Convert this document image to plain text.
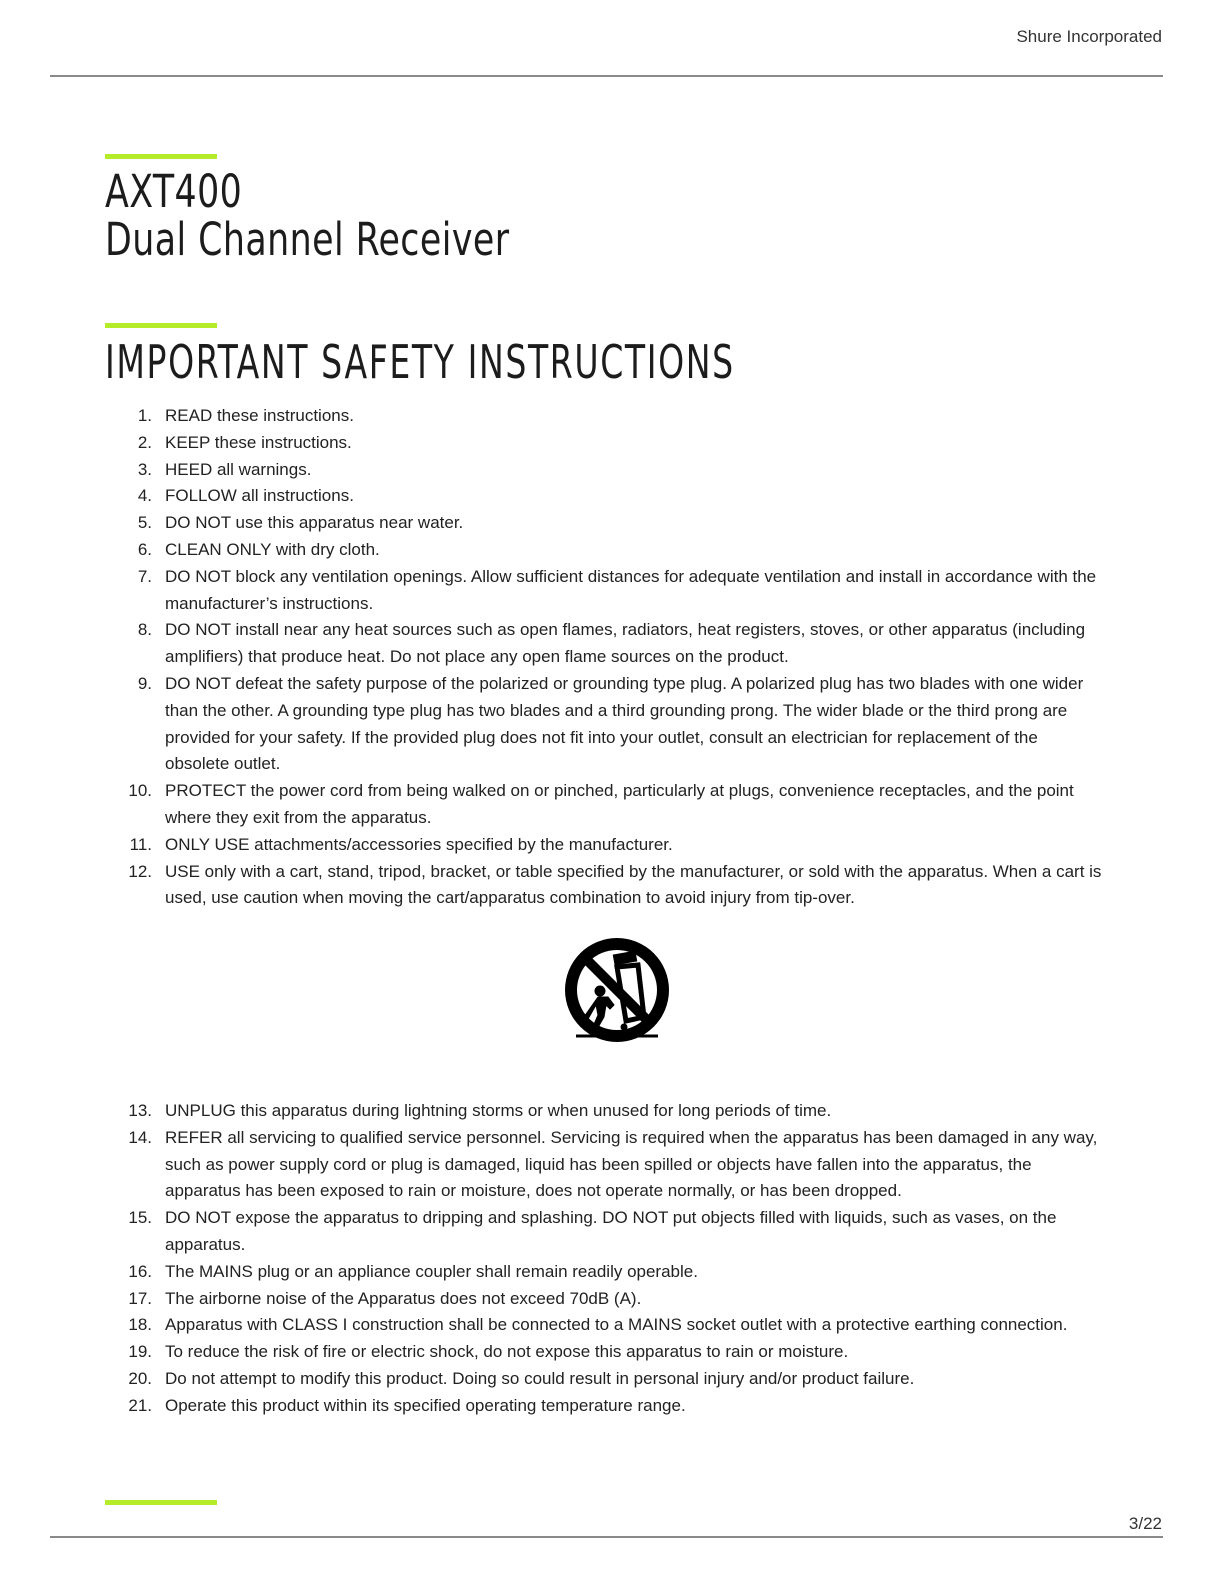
Shure Incorporated
AXT400
Dual Channel Receiver
IMPORTANT SAFETY INSTRUCTIONS
1. READ these instructions.
2. KEEP these instructions.
3. HEED all warnings.
4. FOLLOW all instructions.
5. DO NOT use this apparatus near water.
6. CLEAN ONLY with dry cloth.
7. DO NOT block any ventilation openings. Allow sufficient distances for adequate ventilation and install in accordance with the manufacturer’s instructions.
8. DO NOT install near any heat sources such as open flames, radiators, heat registers, stoves, or other apparatus (including amplifiers) that produce heat. Do not place any open flame sources on the product.
9. DO NOT defeat the safety purpose of the polarized or grounding type plug. A polarized plug has two blades with one wider than the other. A grounding type plug has two blades and a third grounding prong. The wider blade or the third prong are provided for your safety. If the provided plug does not fit into your outlet, consult an electrician for replacement of the obsolete outlet.
10. PROTECT the power cord from being walked on or pinched, particularly at plugs, convenience receptacles, and the point where they exit from the apparatus.
11. ONLY USE attachments/accessories specified by the manufacturer.
12. USE only with a cart, stand, tripod, bracket, or table specified by the manufacturer, or sold with the apparatus. When a cart is used, use caution when moving the cart/apparatus combination to avoid injury from tip-over.
13. UNPLUG this apparatus during lightning storms or when unused for long periods of time.
14. REFER all servicing to qualified service personnel. Servicing is required when the apparatus has been damaged in any way, such as power supply cord or plug is damaged, liquid has been spilled or objects have fallen into the apparatus, the apparatus has been exposed to rain or moisture, does not operate normally, or has been dropped.
15. DO NOT expose the apparatus to dripping and splashing. DO NOT put objects filled with liquids, such as vases, on the apparatus.
16. The MAINS plug or an appliance coupler shall remain readily operable.
17. The airborne noise of the Apparatus does not exceed 70dB (A).
18. Apparatus with CLASS I construction shall be connected to a MAINS socket outlet with a protective earthing connection.
19. To reduce the risk of fire or electric shock, do not expose this apparatus to rain or moisture.
20. Do not attempt to modify this product. Doing so could result in personal injury and/or product failure.
21. Operate this product within its specified operating temperature range.
3/22
